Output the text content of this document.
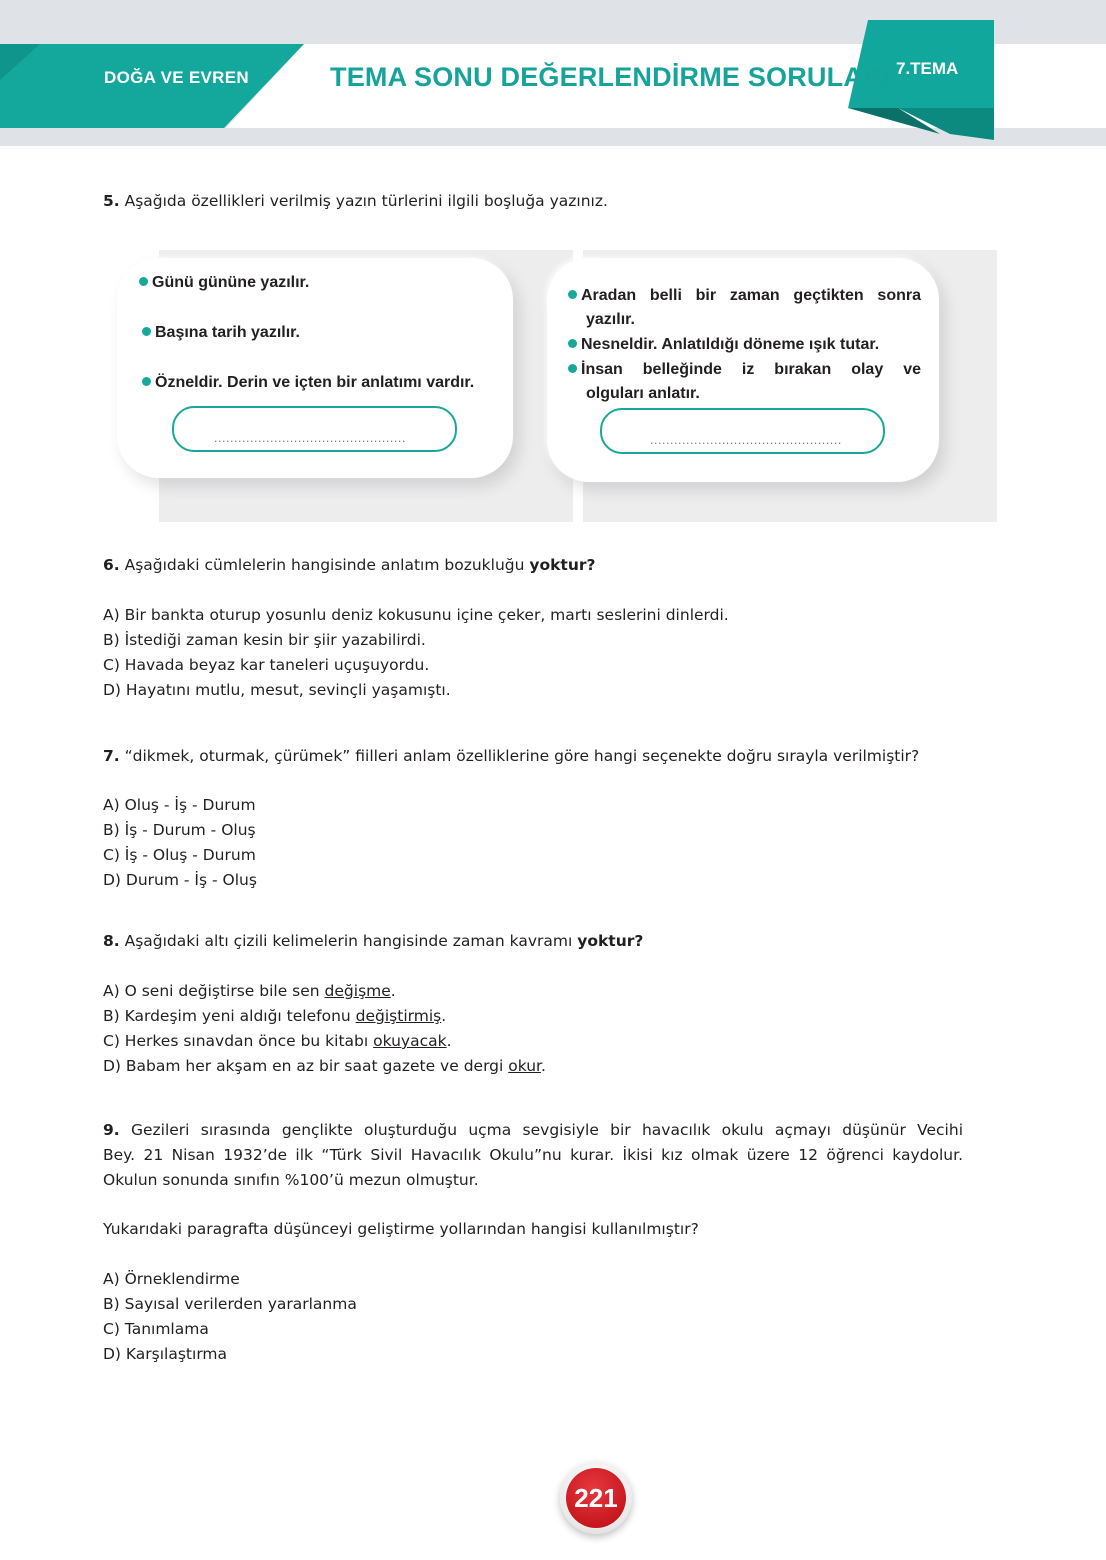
DOĞA VE EVREN	TEMA SONU DEĞERLENDİRME SORULARI 7.TEMA
5. Aşağıda özellikleri verilmiş yazın türlerini ilgili boşluğa yazınız.
Günü gününe yazılır.
Başına tarih yazılır.
Özneldir. Derin ve içten bir anlatımı vardır.
................................................
Aradan belli bir zaman geçtikten sonra
yazılır.
Nesneldir. Anlatıldığı döneme ışık tutar.
İnsan belleğinde iz bırakan olay ve
olguları anlatır.
................................................
6. Aşağıdaki cümlelerin hangisinde anlatım bozukluğu yoktur?
A) Bir bankta oturup yosunlu deniz kokusunu içine çeker, martı seslerini dinlerdi.
B) İstediği zaman kesin bir şiir yazabilirdi.
C) Havada beyaz kar taneleri uçuşuyordu.
D) Hayatını mutlu, mesut, sevinçli yaşamıştı.
7. “dikmek, oturmak, çürümek” fiilleri anlam özelliklerine göre hangi seçenekte doğru sırayla verilmiştir?
A) Oluş - İş - Durum
B) İş - Durum - Oluş
C) İş - Oluş - Durum
D) Durum - İş - Oluş
8. Aşağıdaki altı çizili kelimelerin hangisinde zaman kavramı yoktur?
A) O seni değiştirse bile sen değişme.
B) Kardeşim yeni aldığı telefonu değiştirmiş.
C) Herkes sınavdan önce bu kitabı okuyacak.
D) Babam her akşam en az bir saat gazete ve dergi okur.
9. Gezileri sırasında gençlikte oluşturduğu uçma sevgisiyle bir havacılık okulu açmayı düşünür Vecihi
Bey. 21 Nisan 1932’de ilk “Türk Sivil Havacılık Okulu”nu kurar. İkisi kız olmak üzere 12 öğrenci kaydolur.
Okulun sonunda sınıfın %100’ü mezun olmuştur.
Yukarıdaki paragrafta düşünceyi geliştirme yollarından hangisi kullanılmıştır?
A) Örneklendirme
B) Sayısal verilerden yararlanma
C) Tanımlama
D) Karşılaştırma
221
